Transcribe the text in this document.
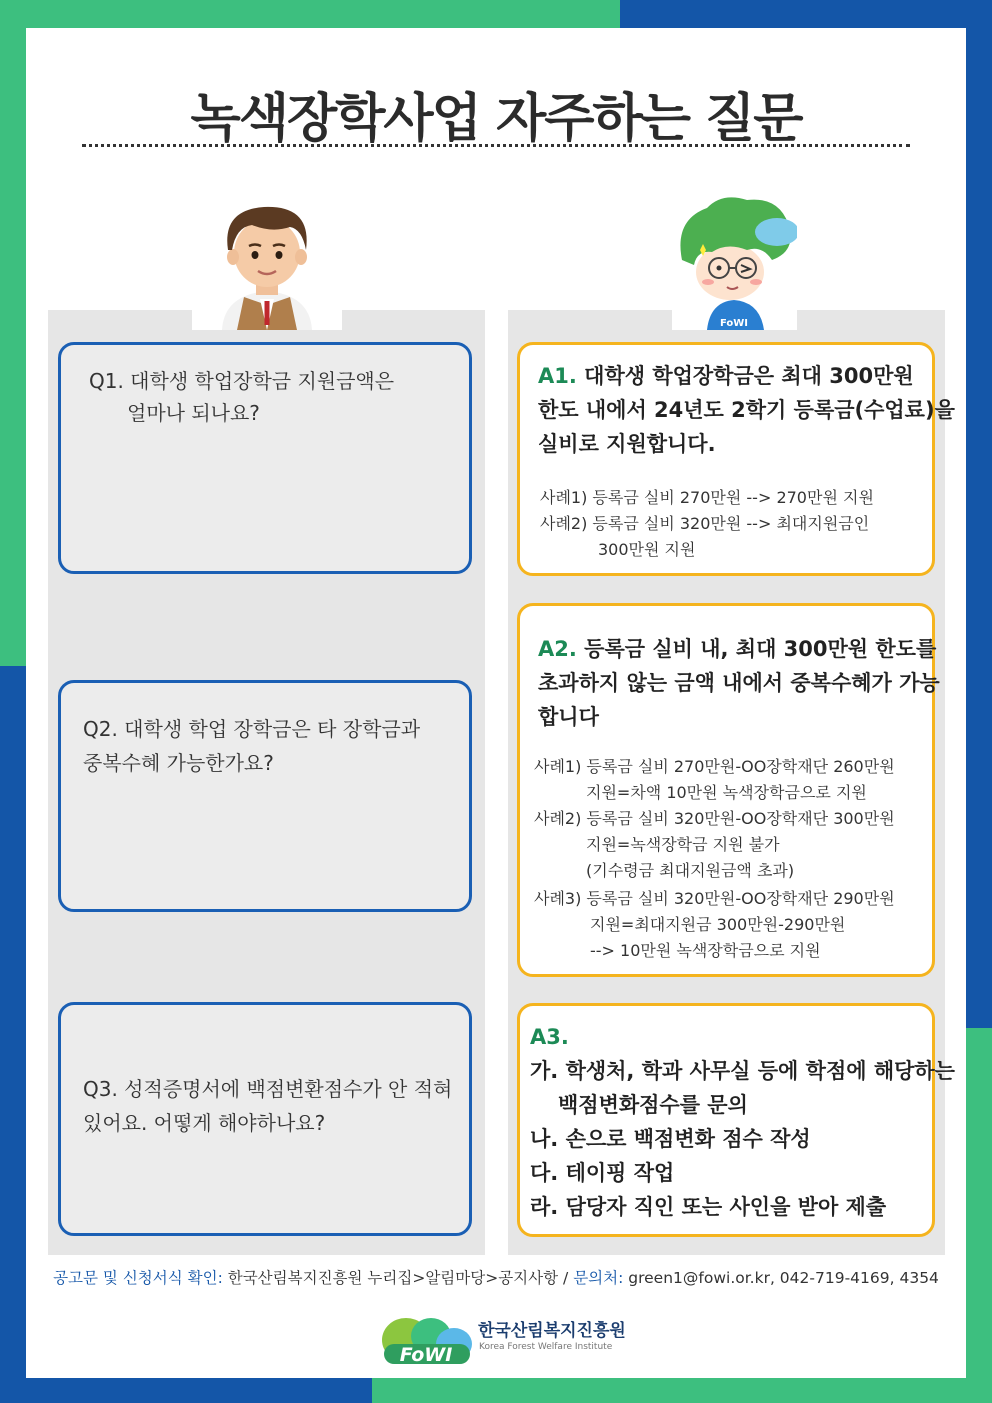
녹색장학사업 자주하는 질문
FoWI
Q1. 대학생 학업장학금 지원금액은
얼마나 되나요?
A1. 대학생 학업장학금은 최대 300만원
한도 내에서 24년도 2학기 등록금(수업료)을
실비로 지원합니다.
사례1) 등록금 실비 270만원 --> 270만원 지원
사례2) 등록금 실비 320만원 --> 최대지원금인
300만원 지원
Q2. 대학생 학업 장학금은 타 장학금과
중복수혜 가능한가요?
A2. 등록금 실비 내, 최대 300만원 한도를
초과하지 않는 금액 내에서 중복수혜가 가능
합니다
사례1) 등록금 실비 270만원-OO장학재단 260만원
지원=차액 10만원 녹색장학금으로 지원
사례2) 등록금 실비 320만원-OO장학재단 300만원
지원=녹색장학금 지원 불가
(기수령금 최대지원금액 초과)
사례3) 등록금 실비 320만원-OO장학재단 290만원
지원=최대지원금 300만원-290만원
--> 10만원 녹색장학금으로 지원
Q3. 성적증명서에 백점변환점수가 안 적혀
있어요. 어떻게 해야하나요?
A3.
가. 학생처, 학과 사무실 등에 학점에 해당하는
백점변화점수를 문의
나. 손으로 백점변화 점수 작성
다. 테이핑 작업
라. 담당자 직인 또는 사인을 받아 제출
공고문 및 신청서식 확인: 한국산림복지진흥원 누리집>알림마당>공지사항 / 문의처: green1@fowi.or.kr, 042-719-4169, 4354
FoWI
한국산림복지진흥원
Korea Forest Welfare Institute
